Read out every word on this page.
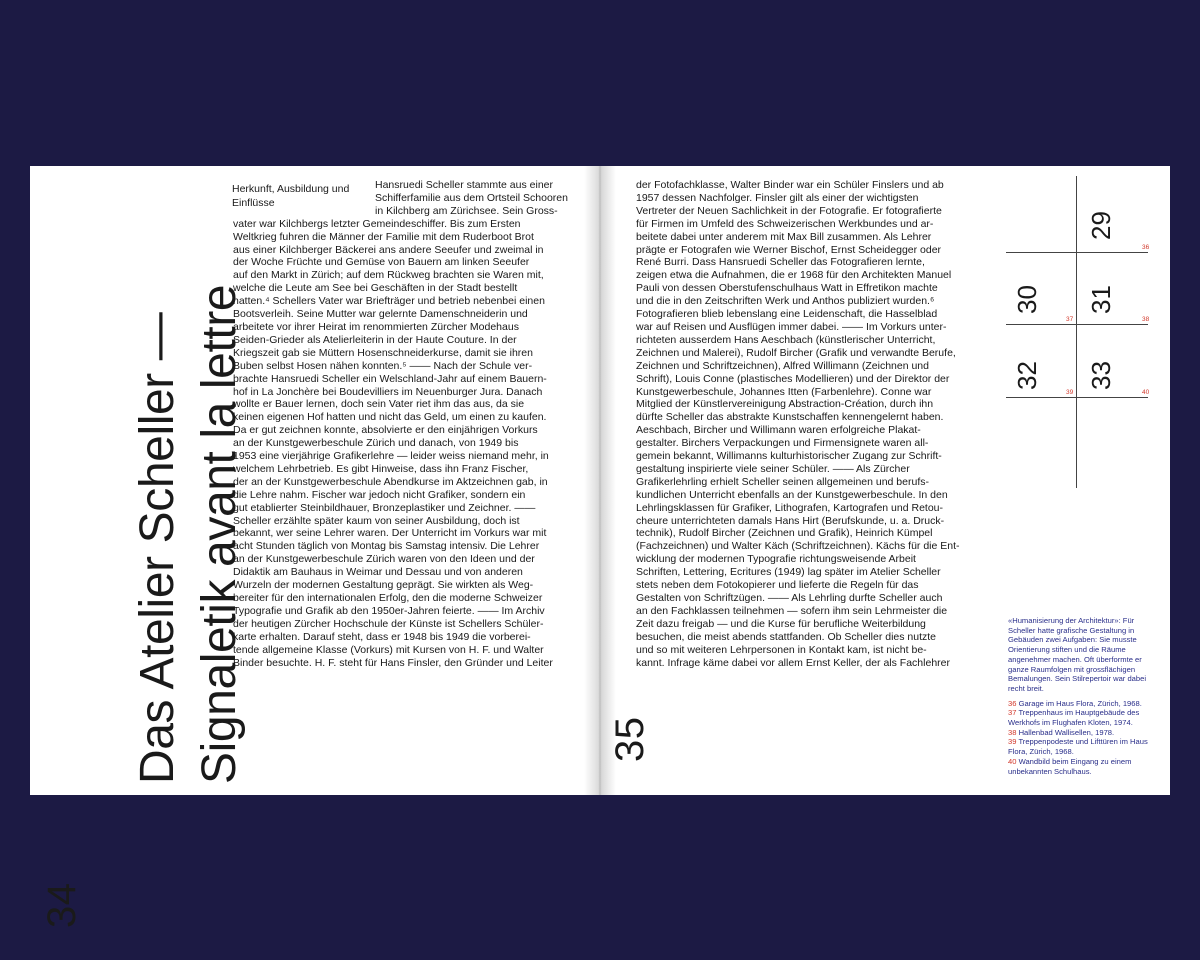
34
Das Atelier Scheller — Signaletik avant la lettre
Herkunft, Ausbildung und Einflüsse

Hansruedi Scheller stammte aus einer

Schifferfamilie aus dem Ortsteil Schooren

in Kilchberg am Zürichsee. Sein Gross-

vater war Kilchbergs letzter Gemeindeschiffer. Bis zum Ersten

Weltkrieg fuhren die Männer der Familie mit dem Ruderboot Brot

aus einer Kilchberger Bäckerei ans andere Seeufer und zweimal in

der Woche Früchte und Gemüse von Bauern am linken Seeufer

auf den Markt in Zürich; auf dem Rückweg brachten sie Waren mit,

welche die Leute am See bei Geschäften in der Stadt bestellt

hatten.⁴ Schellers Vater war Briefträger und betrieb nebenbei einen

Bootsverleih. Seine Mutter war gelernte Damenschneiderin und

arbeitete vor ihrer Heirat im renommierten Zürcher Modehaus

Seiden-Grieder als Atelierleiterin in der Haute Couture. In der

Kriegszeit gab sie Müttern Hosenschneiderkurse, damit sie ihren

Buben selbst Hosen nähen konnten.⁵ —— Nach der Schule ver-

brachte Hansruedi Scheller ein Welschland-Jahr auf einem Bauern-

hof in La Jonchère bei Boudevilliers im Neuenburger Jura. Danach

wollte er Bauer lernen, doch sein Vater riet ihm das aus, da sie

keinen eigenen Hof hatten und nicht das Geld, um einen zu kaufen.

Da er gut zeichnen konnte, absolvierte er den einjährigen Vorkurs

an der Kunstgewerbeschule Zürich und danach, von 1949 bis

1953 eine vierjährige Grafikerlehre — leider weiss niemand mehr, in

welchem Lehrbetrieb. Es gibt Hinweise, dass ihn Franz Fischer,

der an der Kunstgewerbeschule Abendkurse im Aktzeichnen gab, in

die Lehre nahm. Fischer war jedoch nicht Grafiker, sondern ein

gut etablierter Steinbildhauer, Bronzeplastiker und Zeichner. ——

Scheller erzählte später kaum von seiner Ausbildung, doch ist

bekannt, wer seine Lehrer waren. Der Unterricht im Vorkurs war mit

acht Stunden täglich von Montag bis Samstag intensiv. Die Lehrer

an der Kunstgewerbeschule Zürich waren von den Ideen und der

Didaktik am Bauhaus in Weimar und Dessau und von anderen

Wurzeln der modernen Gestaltung geprägt. Sie wirkten als Weg-

bereiter für den internationalen Erfolg, den die moderne Schweizer

Typografie und Grafik ab den 1950er-Jahren feierte. —— Im Archiv

der heutigen Zürcher Hochschule der Künste ist Schellers Schüler-

karte erhalten. Darauf steht, dass er 1948 bis 1949 die vorberei-

tende allgemeine Klasse (Vorkurs) mit Kursen von H. F. und Walter

Binder besuchte. H. F. steht für Hans Finsler, den Gründer und Leiter

35

der Fotofachklasse, Walter Binder war ein Schüler Finslers und ab

1957 dessen Nachfolger. Finsler gilt als einer der wichtigsten

Vertreter der Neuen Sachlichkeit in der Fotografie. Er fotografierte

für Firmen im Umfeld des Schweizerischen Werkbundes und ar-

beitete dabei unter anderem mit Max Bill zusammen. Als Lehrer

prägte er Fotografen wie Werner Bischof, Ernst Scheidegger oder

René Burri. Dass Hansruedi Scheller das Fotografieren lernte,

zeigen etwa die Aufnahmen, die er 1968 für den Architekten Manuel

Pauli von dessen Oberstufenschulhaus Watt in Effretikon machte

und die in den Zeitschriften Werk und Anthos publiziert wurden.⁶

Fotografieren blieb lebenslang eine Leidenschaft, die Hasselblad

war auf Reisen und Ausflügen immer dabei. —— Im Vorkurs unter-

richteten ausserdem Hans Aeschbach (künstlerischer Unterricht,

Zeichnen und Malerei), Rudolf Bircher (Grafik und verwandte Berufe,

Zeichnen und Schriftzeichnen), Alfred Willimann (Zeichnen und

Schrift), Louis Conne (plastisches Modellieren) und der Direktor der

Kunstgewerbeschule, Johannes Itten (Farbenlehre). Conne war

Mitglied der Künstlervereinigung Abstraction-Création, durch ihn

dürfte Scheller das abstrakte Kunstschaffen kennengelernt haben.

Aeschbach, Bircher und Willimann waren erfolgreiche Plakat-

gestalter. Birchers Verpackungen und Firmensignete waren all-

gemein bekannt, Willimanns kulturhistorischer Zugang zur Schrift-

gestaltung inspirierte viele seiner Schüler. —— Als Zürcher

Grafikerlehrling erhielt Scheller seinen allgemeinen und berufs-

kundlichen Unterricht ebenfalls an der Kunstgewerbeschule. In den

Lehrlingsklassen für Grafiker, Lithografen, Kartografen und Retou-

cheure unterrichteten damals Hans Hirt (Berufskunde, u. a. Druck-

technik), Rudolf Bircher (Zeichnen und Grafik), Heinrich Kümpel

(Fachzeichnen) und Walter Käch (Schriftzeichnen). Kächs für die Ent-

wicklung der modernen Typografie richtungsweisende Arbeit

Schriften, Lettering, Ecritures (1949) lag später im Atelier Scheller

stets neben dem Fotokopierer und lieferte die Regeln für das

Gestalten von Schriftzügen. —— Als Lehrling durfte Scheller auch

an den Fachklassen teilnehmen — sofern ihm sein Lehrmeister die

Zeit dazu freigab — und die Kurse für berufliche Weiterbildung

besuchen, die meist abends stattfanden. Ob Scheller dies nutzte

und so mit weiteren Lehrpersonen in Kontakt kam, ist nicht be-

kannt. Infrage käme dabei vor allem Ernst Keller, der als Fachlehrer

29
36
30
37
31
38
32
39
33
40

«Humanisierung der Architektur»: Für Scheller hatte grafische Gestaltung in Gebäuden zwei Aufgaben: Sie musste Orientierung stiften und die Räume angenehmer machen. Oft überformte er ganze Raumfolgen mit grossflächigen Bemalungen. Sein Stilrepertoir war dabei recht breit.

36 Garage im Haus Flora, Zürich, 1968.

37 Treppenhaus im Hauptgebäude des Werkhofs im Flughafen Kloten, 1974.

38 Hallenbad Wallisellen, 1978.

39 Treppenpodeste und Lifttüren im Haus Flora, Zürich, 1968.

40 Wandbild beim Eingang zu einem unbekannten Schulhaus.
